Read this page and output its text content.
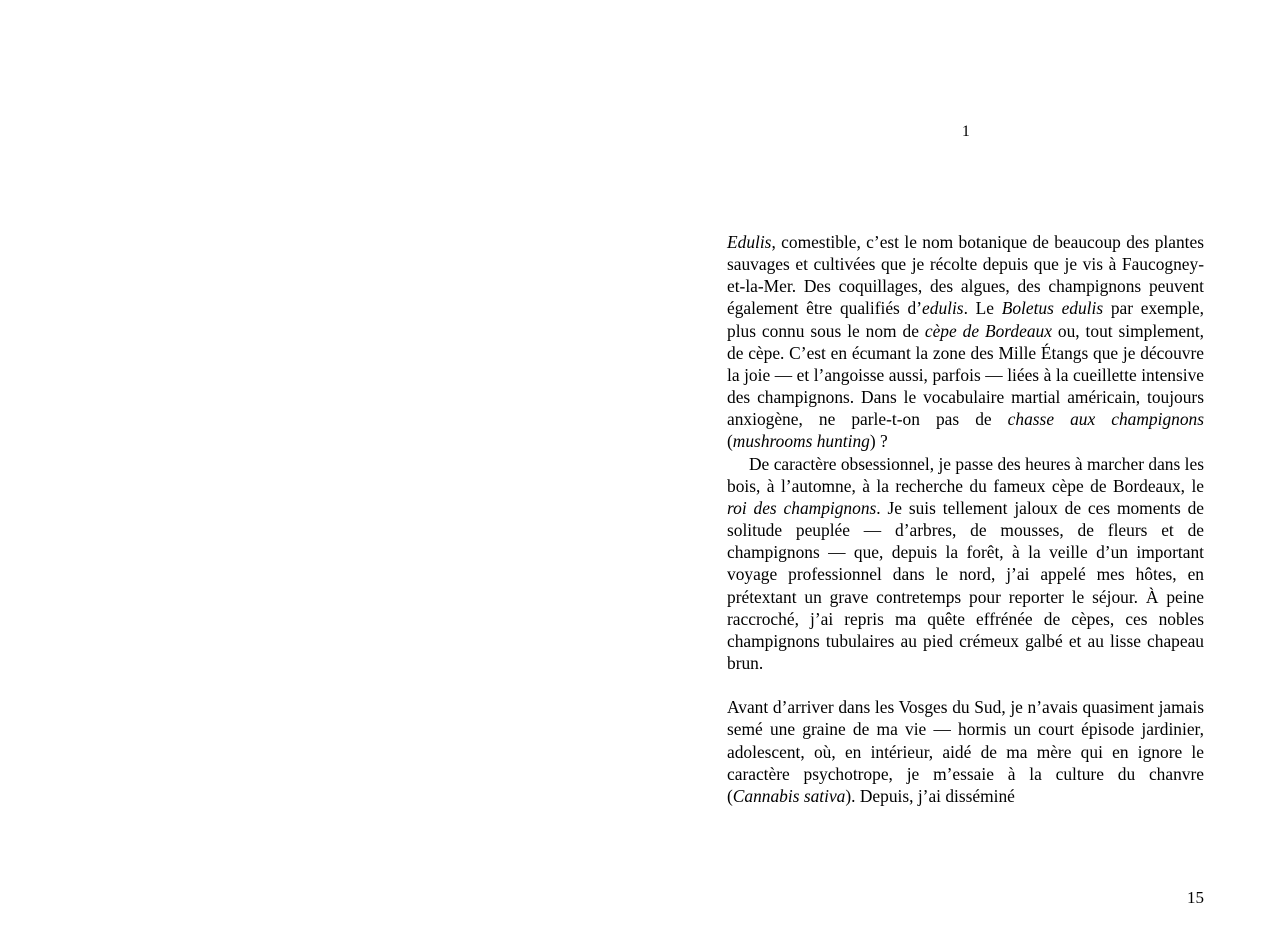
1

Edulis, comestible, c’est le nom botanique de beaucoup des plantes sauvages et cultivées que je récolte depuis que je vis à Faucogney-et-la-Mer. Des coquillages, des algues, des champignons peuvent également être qualifiés d’edulis. Le Boletus edulis par exemple, plus connu sous le nom de cèpe de Bordeaux ou, tout simplement, de cèpe. C’est en écumant la zone des Mille Étangs que je découvre la joie — et l’angoisse aussi, parfois — liées à la cueillette intensive des champignons. Dans le vocabulaire martial américain, toujours anxiogène, ne parle-t-on pas de chasse aux champignons (mushrooms hunting) ?

De caractère obsessionnel, je passe des heures à marcher dans les bois, à l’automne, à la recherche du fameux cèpe de Bordeaux, le roi des champignons. Je suis tellement jaloux de ces moments de solitude peuplée — d’arbres, de mousses, de fleurs et de champignons — que, depuis la forêt, à la veille d’un important voyage professionnel dans le nord, j’ai appelé mes hôtes, en prétextant un grave contretemps pour reporter le séjour. À peine raccroché, j’ai repris ma quête effrénée de cèpes, ces nobles champignons tubulaires au pied crémeux galbé et au lisse chapeau brun.

Avant d’arriver dans les Vosges du Sud, je n’avais quasiment jamais semé une graine de ma vie — hormis un court épisode jardinier, adolescent, où, en intérieur, aidé de ma mère qui en ignore le caractère psychotrope, je m’essaie à la culture du chanvre (Cannabis sativa). Depuis, j’ai disséminé

15
